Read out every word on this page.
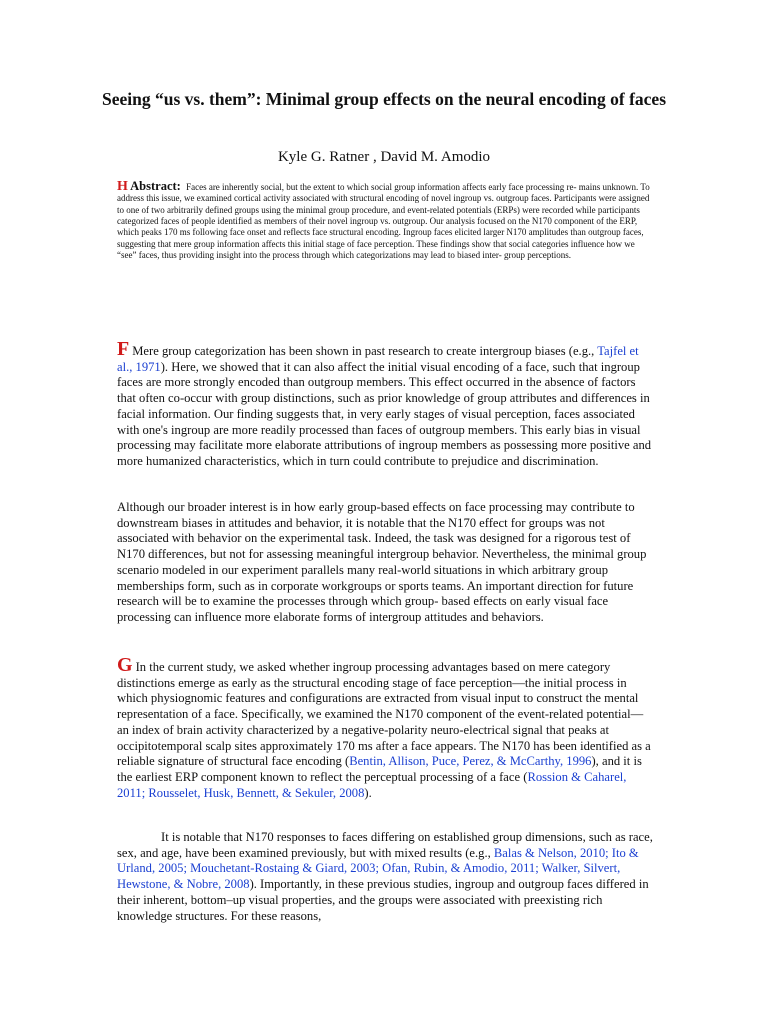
Seeing “us vs. them”: Minimal group effects on the neural encoding of faces
Kyle G. Ratner , David M. Amodio
H Abstract: Faces are inherently social, but the extent to which social group information affects early face processing re- mains unknown. To address this issue, we examined cortical activity associated with structural encoding of novel ingroup vs. outgroup faces. Participants were assigned to one of two arbitrarily defined groups using the minimal group procedure, and event-related potentials (ERPs) were recorded while participants categorized faces of people identified as members of their novel ingroup vs. outgroup. Our analysis focused on the N170 component of the ERP, which peaks 170 ms following face onset and reflects face structural encoding. Ingroup faces elicited larger N170 amplitudes than outgroup faces, suggesting that mere group information affects this initial stage of face perception. These findings show that social categories influence how we “see” faces, thus providing insight into the process through which categorizations may lead to biased inter- group perceptions.

F Mere group categorization has been shown in past research to create intergroup biases (e.g., Tajfel et al., 1971). Here, we showed that it can also affect the initial visual encoding of a face, such that ingroup faces are more strongly encoded than outgroup members. This effect occurred in the absence of factors that often co-occur with group distinctions, such as prior knowledge of group attributes and differences in facial information. Our finding suggests that, in very early stages of visual perception, faces associated with one's ingroup are more readily processed than faces of outgroup members. This early bias in visual processing may facilitate more elaborate attributions of ingroup members as possessing more positive and more humanized characteristics, which in turn could contribute to prejudice and discrimination.

Although our broader interest is in how early group-based effects on face processing may contribute to downstream biases in attitudes and behavior, it is notable that the N170 effect for groups was not associated with behavior on the experimental task. Indeed, the task was designed for a rigorous test of N170 differences, but not for assessing meaningful intergroup behavior. Nevertheless, the minimal group scenario modeled in our experiment parallels many real-world situations in which arbitrary group memberships form, such as in corporate workgroups or sports teams. An important direction for future research will be to examine the processes through which group- based effects on early visual face processing can influence more elaborate forms of intergroup attitudes and behaviors.

G In the current study, we asked whether ingroup processing advantages based on mere category distinctions emerge as early as the structural encoding stage of face perception—the initial process in which physiognomic features and configurations are extracted from visual input to construct the mental representation of a face. Specifically, we examined the N170 component of the event-related potential— an index of brain activity characterized by a negative-polarity neuro-electrical signal that peaks at occipitotemporal scalp sites approximately 170 ms after a face appears. The N170 has been identified as a reliable signature of structural face encoding (Bentin, Allison, Puce, Perez, & McCarthy, 1996), and it is the earliest ERP component known to reflect the perceptual processing of a face (Rossion & Caharel, 2011; Rousselet, Husk, Bennett, & Sekuler, 2008).

It is notable that N170 responses to faces differing on established group dimensions, such as race, sex, and age, have been examined previously, but with mixed results (e.g., Balas & Nelson, 2010; Ito & Urland, 2005; Mouchetant-Rostaing & Giard, 2003; Ofan, Rubin, & Amodio, 2011; Walker, Silvert, Hewstone, & Nobre, 2008). Importantly, in these previous studies, ingroup and outgroup faces differed in their inherent, bottom–up visual properties, and the groups were associated with preexisting rich knowledge structures. For these reasons,
